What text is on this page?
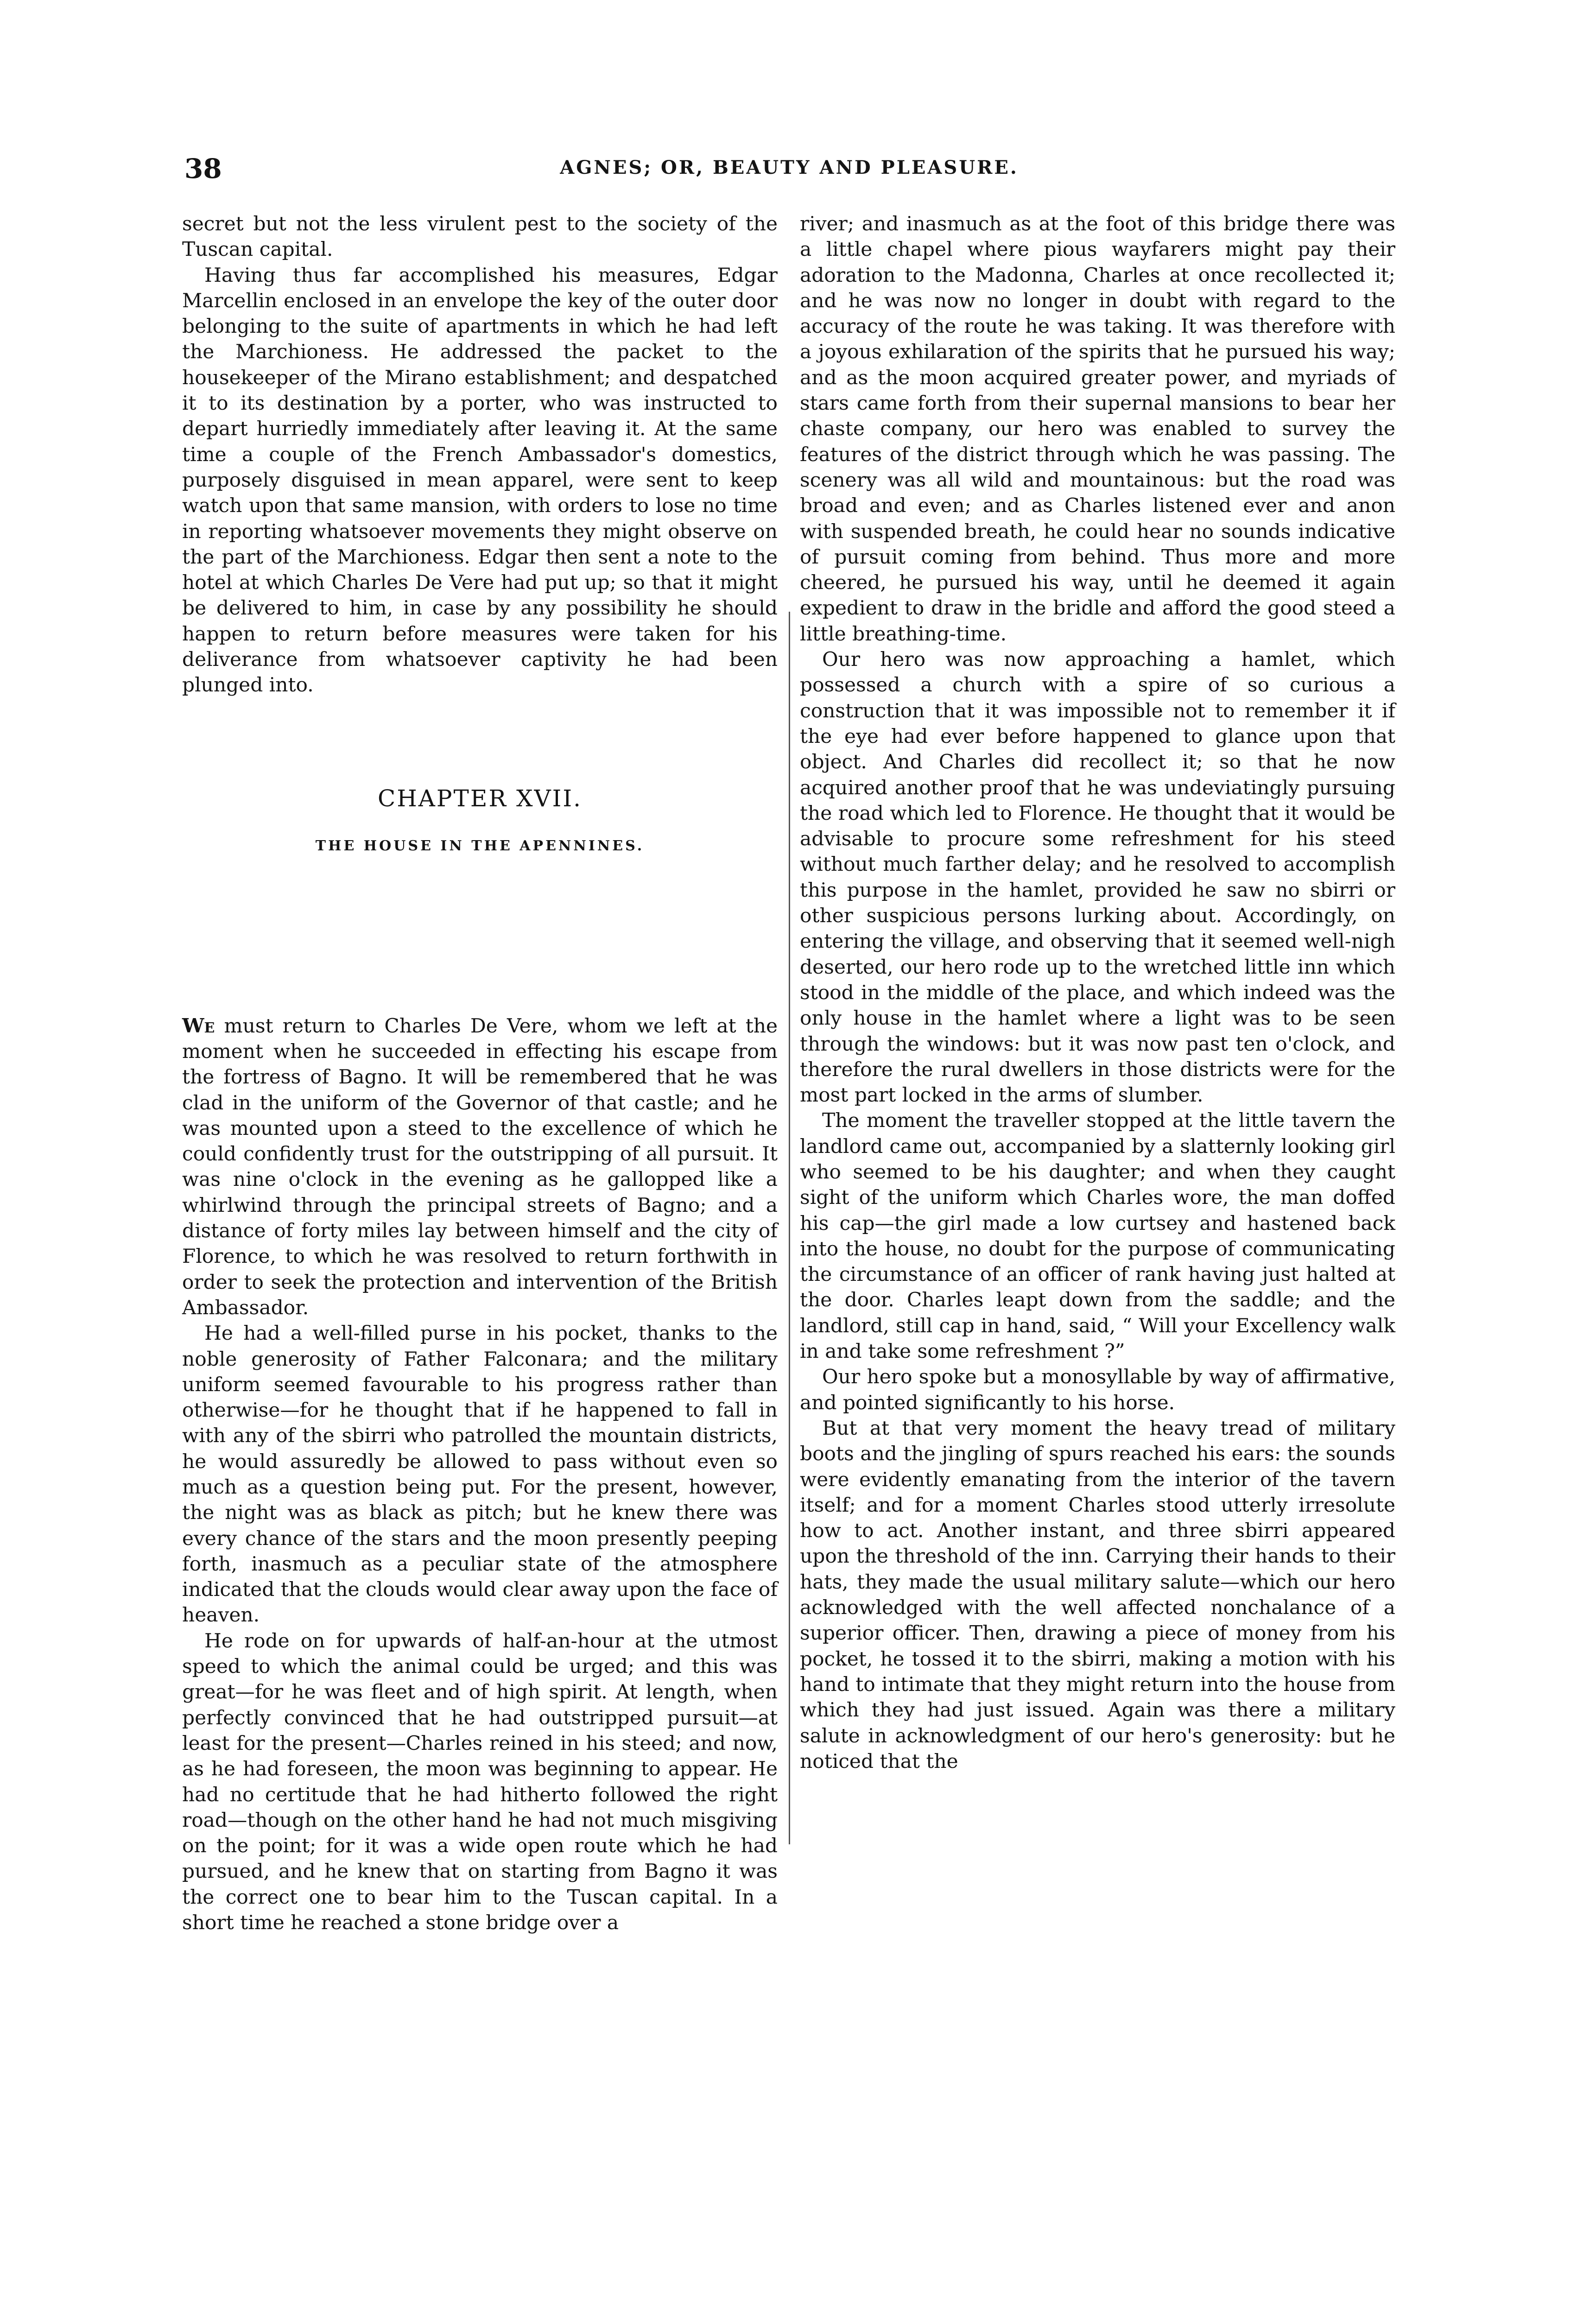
38	AGNES; OR, BEAUTY AND PLEASURE.

secret but not the less virulent pest to the society of the Tuscan capital.

Having thus far accomplished his measures, Edgar Marcellin enclosed in an envelope the key of the outer door belonging to the suite of apartments in which he had left the Marchioness. He addressed the packet to the housekeeper of the Mirano establishment; and despatched it to its destination by a porter, who was instructed to depart hurriedly immediately after leaving it. At the same time a couple of the French Ambassador's domestics, purposely disguised in mean apparel, were sent to keep watch upon that same mansion, with orders to lose no time in reporting whatsoever movements they might observe on the part of the Marchioness. Edgar then sent a note to the hotel at which Charles De Vere had put up; so that it might be delivered to him, in case by any possibility he should happen to return before measures were taken for his deliverance from whatsoever captivity he had been plunged into.

CHAPTER XVII.
THE HOUSE IN THE APENNINES.

We must return to Charles De Vere, whom we left at the moment when he succeeded in effecting his escape from the fortress of Bagno. It will be remembered that he was clad in the uniform of the Governor of that castle; and he was mounted upon a steed to the excellence of which he could confidently trust for the outstripping of all pursuit. It was nine o'clock in the evening as he gallopped like a whirlwind through the principal streets of Bagno; and a distance of forty miles lay between himself and the city of Florence, to which he was resolved to return forthwith in order to seek the protection and intervention of the British Ambassador.

He had a well-filled purse in his pocket, thanks to the noble generosity of Father Falconara; and the military uniform seemed favourable to his progress rather than otherwise—for he thought that if he happened to fall in with any of the sbirri who patrolled the mountain districts, he would assuredly be allowed to pass without even so much as a question being put. For the present, however, the night was as black as pitch; but he knew there was every chance of the stars and the moon presently peeping forth, inasmuch as a peculiar state of the atmosphere indicated that the clouds would clear away upon the face of heaven.

He rode on for upwards of half-an-hour at the utmost speed to which the animal could be urged; and this was great—for he was fleet and of high spirit. At length, when perfectly convinced that he had outstripped pursuit—at least for the present—Charles reined in his steed; and now, as he had foreseen, the moon was beginning to appear. He had no certitude that he had hitherto followed the right road—though on the other hand he had not much misgiving on the point; for it was a wide open route which he had pursued, and he knew that on starting from Bagno it was the correct one to bear him to the Tuscan capital. In a short time he reached a stone bridge over a

river; and inasmuch as at the foot of this bridge there was a little chapel where pious wayfarers might pay their adoration to the Madonna, Charles at once recollected it; and he was now no longer in doubt with regard to the accuracy of the route he was taking. It was therefore with a joyous exhilaration of the spirits that he pursued his way; and as the moon acquired greater power, and myriads of stars came forth from their supernal mansions to bear her chaste company, our hero was enabled to survey the features of the district through which he was passing. The scenery was all wild and mountainous: but the road was broad and even; and as Charles listened ever and anon with suspended breath, he could hear no sounds indicative of pursuit coming from behind. Thus more and more cheered, he pursued his way, until he deemed it again expedient to draw in the bridle and afford the good steed a little breathing-time.

Our hero was now approaching a hamlet, which possessed a church with a spire of so curious a construction that it was impossible not to remember it if the eye had ever before happened to glance upon that object. And Charles did recollect it; so that he now acquired another proof that he was undeviatingly pursuing the road which led to Florence. He thought that it would be advisable to procure some refreshment for his steed without much farther delay; and he resolved to accomplish this purpose in the hamlet, provided he saw no sbirri or other suspicious persons lurking about. Accordingly, on entering the village, and observing that it seemed well-nigh deserted, our hero rode up to the wretched little inn which stood in the middle of the place, and which indeed was the only house in the hamlet where a light was to be seen through the windows: but it was now past ten o'clock, and therefore the rural dwellers in those districts were for the most part locked in the arms of slumber.

The moment the traveller stopped at the little tavern the landlord came out, accompanied by a slatternly looking girl who seemed to be his daughter; and when they caught sight of the uniform which Charles wore, the man doffed his cap—the girl made a low curtsey and hastened back into the house, no doubt for the purpose of communicating the circumstance of an officer of rank having just halted at the door. Charles leapt down from the saddle; and the landlord, still cap in hand, said, “ Will your Excellency walk in and take some refreshment ?”

Our hero spoke but a monosyllable by way of affirmative, and pointed significantly to his horse.

But at that very moment the heavy tread of military boots and the jingling of spurs reached his ears: the sounds were evidently emanating from the interior of the tavern itself; and for a moment Charles stood utterly irresolute how to act. Another instant, and three sbirri appeared upon the threshold of the inn. Carrying their hands to their hats, they made the usual military salute—which our hero acknowledged with the well affected nonchalance of a superior officer. Then, drawing a piece of money from his pocket, he tossed it to the sbirri, making a motion with his hand to intimate that they might return into the house from which they had just issued. Again was there a military salute in acknowledgment of our hero's generosity: but he noticed that the
